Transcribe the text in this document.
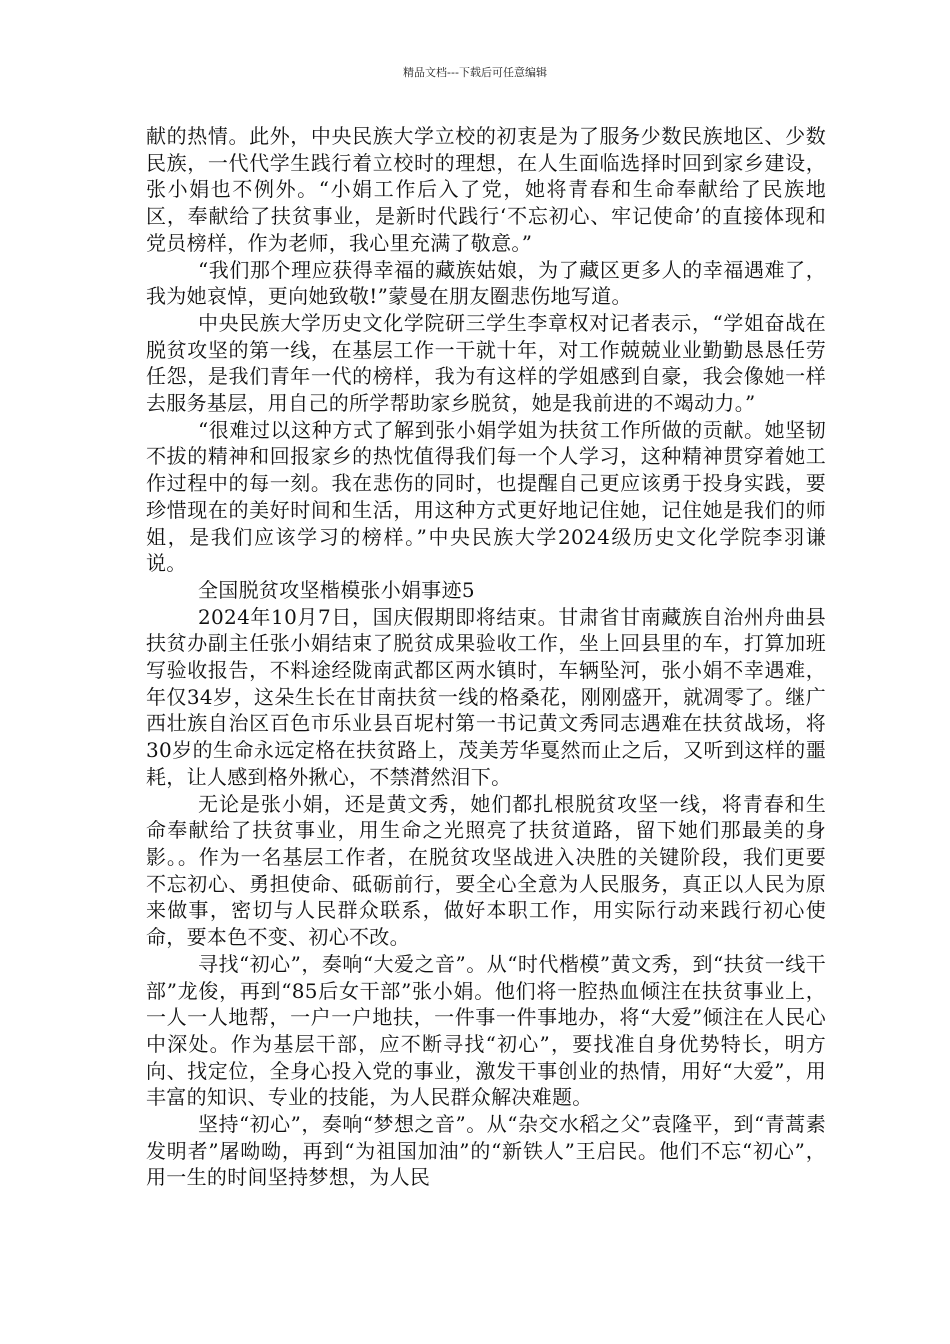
精品文档---下载后可任意编辑

献的热情。此外，中央民族大学立校的初衷是为了服务少数民族地区、少数民族，一代代学生践行着立校时的理想，在人生面临选择时回到家乡建设，张小娟也不例外。“小娟工作后入了党，她将青春和生命奉献给了民族地区，奉献给了扶贫事业，是新时代践行‘不忘初心、牢记使命’的直接体现和党员榜样，作为老师，我心里充满了敬意。”

“我们那个理应获得幸福的藏族姑娘，为了藏区更多人的幸福遇难了，我为她哀悼，更向她致敬!”蒙曼在朋友圈悲伤地写道。

中央民族大学历史文化学院研三学生李章权对记者表示，“学姐奋战在脱贫攻坚的第一线，在基层工作一干就十年，对工作兢兢业业勤勤恳恳任劳任怨，是我们青年一代的榜样，我为有这样的学姐感到自豪，我会像她一样去服务基层，用自己的所学帮助家乡脱贫，她是我前进的不竭动力。”

“很难过以这种方式了解到张小娟学姐为扶贫工作所做的贡献。她坚韧不拔的精神和回报家乡的热忱值得我们每一个人学习，这种精神贯穿着她工作过程中的每一刻。我在悲伤的同时，也提醒自己更应该勇于投身实践，要珍惜现在的美好时间和生活，用这种方式更好地记住她，记住她是我们的师姐，是我们应该学习的榜样。”中央民族大学2024级历史文化学院李羽谦说。

全国脱贫攻坚楷模张小娟事迹5

2024年10月7日，国庆假期即将结束。甘肃省甘南藏族自治州舟曲县扶贫办副主任张小娟结束了脱贫成果验收工作，坐上回县里的车，打算加班写验收报告，不料途经陇南武都区两水镇时，车辆坠河，张小娟不幸遇难，年仅34岁，这朵生长在甘南扶贫一线的格桑花，刚刚盛开，就凋零了。继广西壮族自治区百色市乐业县百坭村第一书记黄文秀同志遇难在扶贫战场，将30岁的生命永远定格在扶贫路上，茂美芳华戛然而止之后，又听到这样的噩耗，让人感到格外揪心，不禁潸然泪下。

无论是张小娟，还是黄文秀，她们都扎根脱贫攻坚一线，将青春和生命奉献给了扶贫事业，用生命之光照亮了扶贫道路，留下她们那最美的身影。。作为一名基层工作者，在脱贫攻坚战进入决胜的关键阶段，我们更要不忘初心、勇担使命、砥砺前行，要全心全意为人民服务，真正以人民为原来做事，密切与人民群众联系，做好本职工作，用实际行动来践行初心使命，要本色不变、初心不改。

寻找“初心”，奏响“大爱之音”。从“时代楷模”黄文秀，到“扶贫一线干部”龙俊，再到“85后女干部”张小娟。他们将一腔热血倾注在扶贫事业上，一人一人地帮，一户一户地扶，一件事一件事地办，将“大爱”倾注在人民心中深处。作为基层干部，应不断寻找“初心”，要找准自身优势特长，明方向、找定位，全身心投入党的事业，激发干事创业的热情，用好“大爱”，用丰富的知识、专业的技能，为人民群众解决难题。

坚持“初心”，奏响“梦想之音”。从“杂交水稻之父”袁隆平，到“青蒿素发明者”屠呦呦，再到“为祖国加油”的“新铁人”王启民。他们不忘“初心”，用一生的时间坚持梦想，为人民
